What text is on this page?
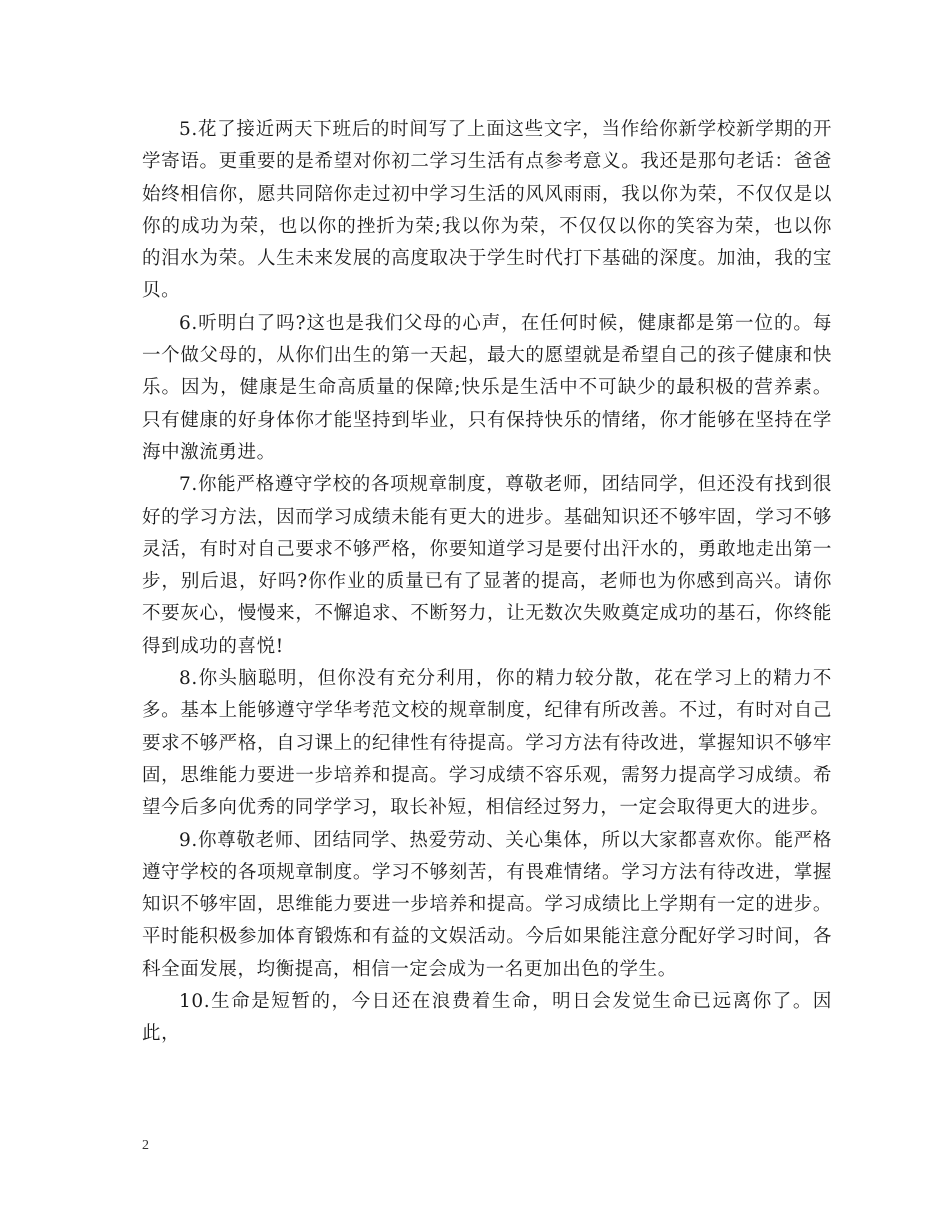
5.花了接近两天下班后的时间写了上面这些文字，当作给你新学校新学期的开学寄语。更重要的是希望对你初二学习生活有点参考意义。我还是那句老话：爸爸始终相信你，愿共同陪你走过初中学习生活的风风雨雨，我以你为荣，不仅仅是以你的成功为荣，也以你的挫折为荣;我以你为荣，不仅仅以你的笑容为荣，也以你的泪水为荣。人生未来发展的高度取决于学生时代打下基础的深度。加油，我的宝贝。

6.听明白了吗?这也是我们父母的心声，在任何时候，健康都是第一位的。每一个做父母的，从你们出生的第一天起，最大的愿望就是希望自己的孩子健康和快乐。因为，健康是生命高质量的保障;快乐是生活中不可缺少的最积极的营养素。只有健康的好身体你才能坚持到毕业，只有保持快乐的情绪，你才能够在坚持在学海中激流勇进。

7.你能严格遵守学校的各项规章制度，尊敬老师，团结同学，但还没有找到很好的学习方法，因而学习成绩未能有更大的进步。基础知识还不够牢固，学习不够灵活，有时对自己要求不够严格，你要知道学习是要付出汗水的，勇敢地走出第一步，别后退，好吗?你作业的质量已有了显著的提高，老师也为你感到高兴。请你不要灰心，慢慢来，不懈追求、不断努力，让无数次失败奠定成功的基石，你终能得到成功的喜悦!

8.你头脑聪明，但你没有充分利用，你的精力较分散，花在学习上的精力不多。基本上能够遵守学华考范文校的规章制度，纪律有所改善。不过，有时对自己要求不够严格，自习课上的纪律性有待提高。学习方法有待改进，掌握知识不够牢固，思维能力要进一步培养和提高。学习成绩不容乐观，需努力提高学习成绩。希望今后多向优秀的同学学习，取长补短，相信经过努力，一定会取得更大的进步。

9.你尊敬老师、团结同学、热爱劳动、关心集体，所以大家都喜欢你。能严格遵守学校的各项规章制度。学习不够刻苦，有畏难情绪。学习方法有待改进，掌握知识不够牢固，思维能力要进一步培养和提高。学习成绩比上学期有一定的进步。平时能积极参加体育锻炼和有益的文娱活动。今后如果能注意分配好学习时间，各科全面发展，均衡提高，相信一定会成为一名更加出色的学生。

10.生命是短暂的，今日还在浪费着生命，明日会发觉生命已远离你了。因此，

2
